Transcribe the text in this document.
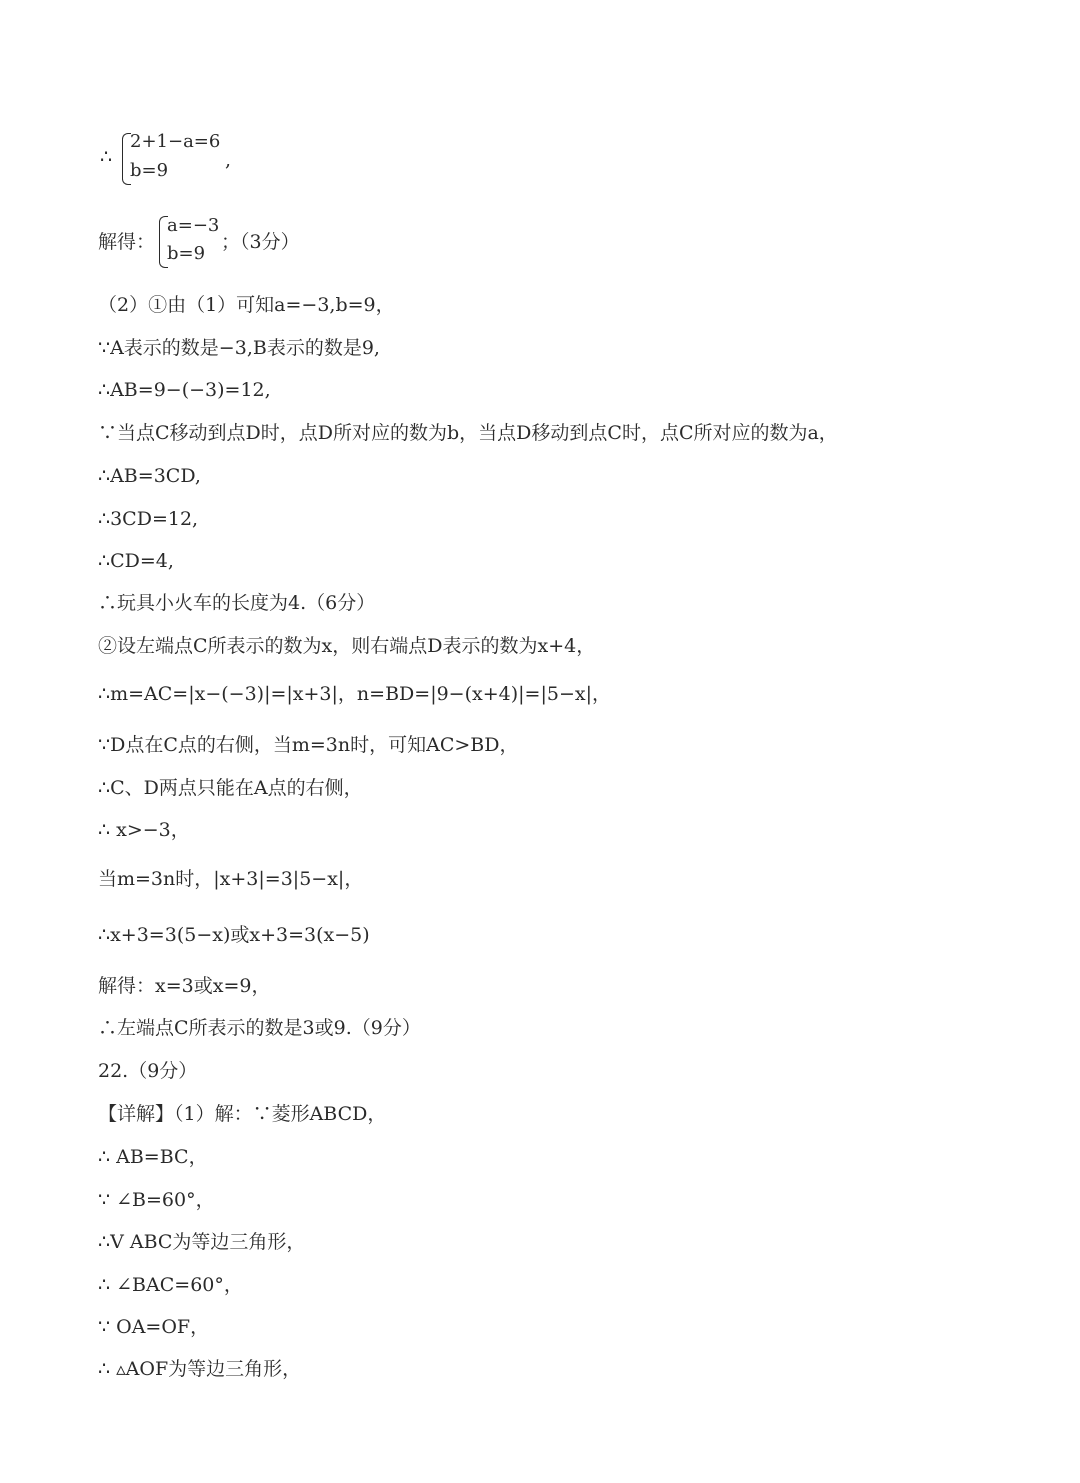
∴
2+1−a=6
b=9	,
解得：
a=−3
b=9
；（3分）
（2）①由（1）可知a=−3,b=9，
∵A表示的数是−3,B表示的数是9,
∴AB=9−(−3)=12,
∵当点C移动到点D时，点D所对应的数为b，当点D移动到点C时，点C所对应的数为a，
∴AB=3CD,
∴3CD=12,
∴CD=4,
∴玩具小火车的长度为4.（6分）
②设左端点C所表示的数为x，则右端点D表示的数为x+4，
∴m=AC=|x−(−3)|=|x+3|，n=BD=|9−(x+4)|=|5−x|，
∵D点在C点的右侧，当m=3n时，可知AC>BD，
∴C、D两点只能在A点的右侧，
∴ x>−3，
当m=3n时，|x+3|=3|5−x|，
∴x+3=3(5−x)或x+3=3(x−5)
解得：x=3或x=9，
∴左端点C所表示的数是3或9.（9分）
22.（9分）
【详解】（1）解：∵菱形ABCD，
∴ AB=BC，
∵ ∠B=60°，
∴V ABC为等边三角形，
∴ ∠BAC=60°，
∵ OA=OF，
∴ ▵AOF为等边三角形，
